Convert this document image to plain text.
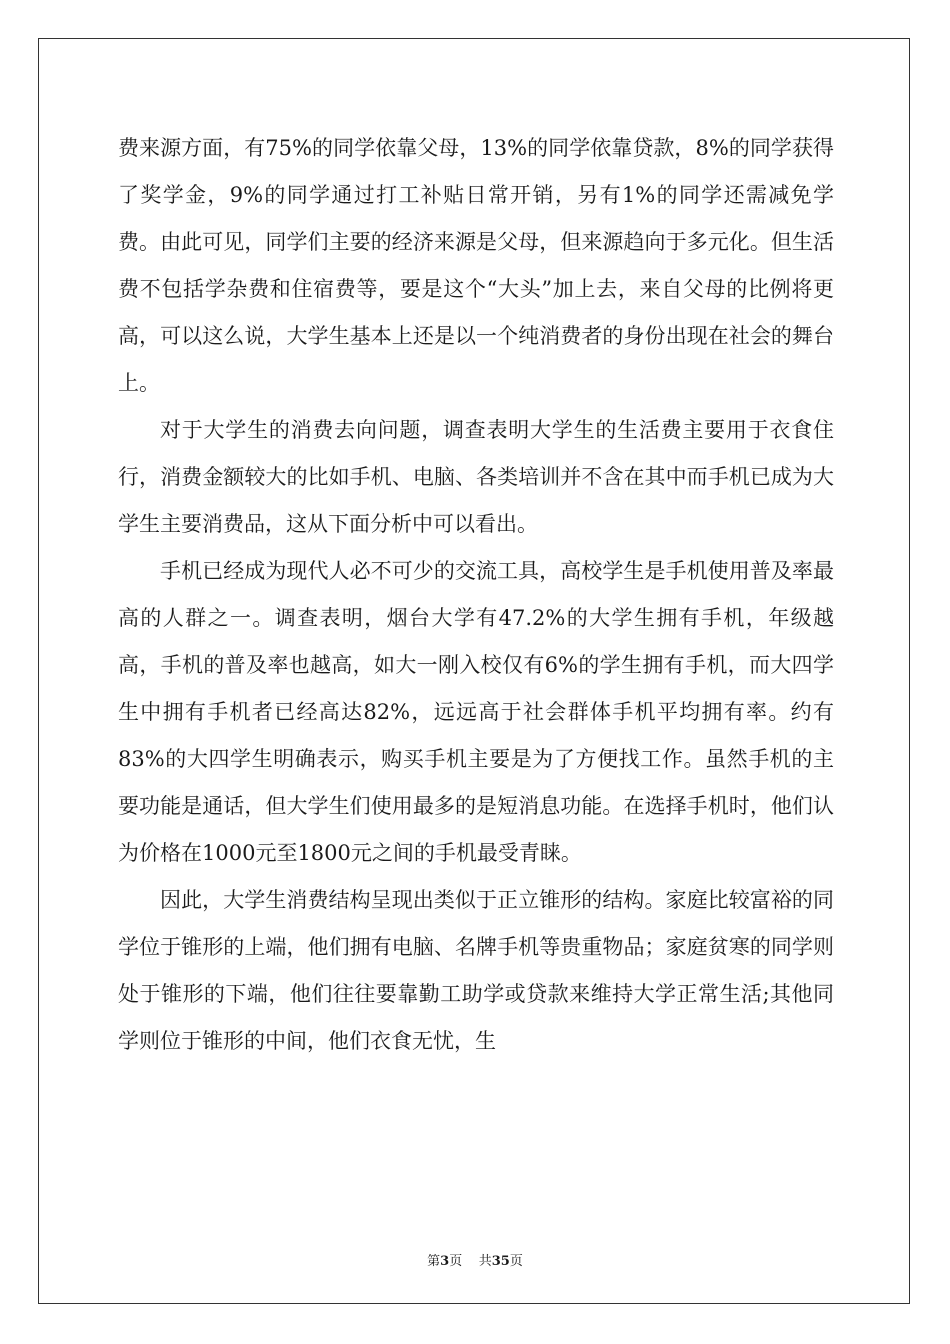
费来源方面，有75%的同学依靠父母，13%的同学依靠贷款，8%的同学获得了奖学金，9%的同学通过打工补贴日常开销，另有1%的同学还需减免学费。由此可见，同学们主要的经济来源是父母，但来源趋向于多元化。但生活费不包括学杂费和住宿费等，要是这个“大头”加上去，来自父母的比例将更高，可以这么说，大学生基本上还是以一个纯消费者的身份出现在社会的舞台上。

对于大学生的消费去向问题，调查表明大学生的生活费主要用于衣食住行，消费金额较大的比如手机、电脑、各类培训并不含在其中而手机已成为大学生主要消费品，这从下面分析中可以看出。

手机已经成为现代人必不可少的交流工具，高校学生是手机使用普及率最高的人群之一。调查表明，烟台大学有47.2%的大学生拥有手机，年级越高，手机的普及率也越高，如大一刚入校仅有6%的学生拥有手机，而大四学生中拥有手机者已经高达82%，远远高于社会群体手机平均拥有率。约有83%的大四学生明确表示，购买手机主要是为了方便找工作。虽然手机的主要功能是通话，但大学生们使用最多的是短消息功能。在选择手机时，他们认为价格在1000元至1800元之间的手机最受青睐。

因此，大学生消费结构呈现出类似于正立锥形的结构。家庭比较富裕的同学位于锥形的上端，他们拥有电脑、名牌手机等贵重物品；家庭贫寒的同学则处于锥形的下端，他们往往要靠勤工助学或贷款来维持大学正常生活;其他同学则位于锥形的中间，他们衣食无忧，生

第3页 共35页
